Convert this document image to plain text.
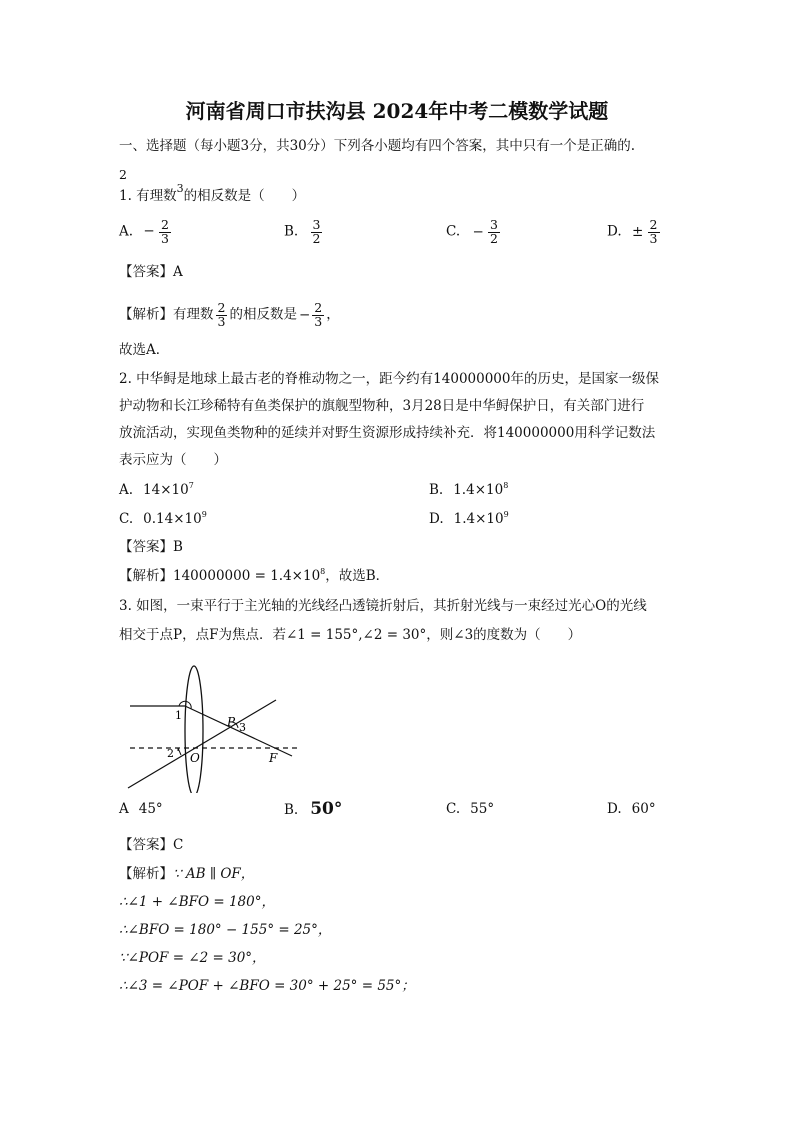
河南省周口市扶沟县 2024年中考二模数学试题
一、选择题（每小题3分，共30分）下列各小题均有四个答案，其中只有一个是正确的.
2
1. 有理数3的相反数是（　　）
A. − $\frac{2}{3}$	B. $\frac{3}{2}$	C. − $\frac{3}{2}$	D. ± $\frac{2}{3}$
【答案】A
【解析】有理数 $\frac{2}{3}$ 的相反数是 − $\frac{2}{3}$ ，
故选A．
2. 中华鲟是地球上最古老的脊椎动物之一，距今约有140000000年的历史，是国家一级保
护动物和长江珍稀特有鱼类保护的旗舰型物种，3月28日是中华鲟保护日，有关部门进行
放流活动，实现鱼类物种的延续并对野生资源形成持续补充．将140000000用科学记数法
表示应为（　　）
A. $14\times 10^7$	B. $1.4\times 10^8$
C. $0.14\times 10^9$	D. $1.4\times 10^9$
【答案】B
【解析】$140000000 = 1.4\times 10^8$，故选B．
3. 如图，一束平行于主光轴的光线经凸透镜折射后，其折射光线与一束经过光心O的光线
相交于点P，点F为焦点．若∠1 = 155°,∠2 = 30°，则∠3的度数为（　　）
1
2
3
P
O	F
A 45°	B. 50°	C. 55°	D. 60°
【答案】C
【解析】∵ AB ∥ OF，
∴∠1 + ∠BFO = 180°，
∴∠BFO = 180° − 155° = 25°，
∵∠POF = ∠2 = 30°，
∴∠3 = ∠POF + ∠BFO = 30° + 25° = 55°；
